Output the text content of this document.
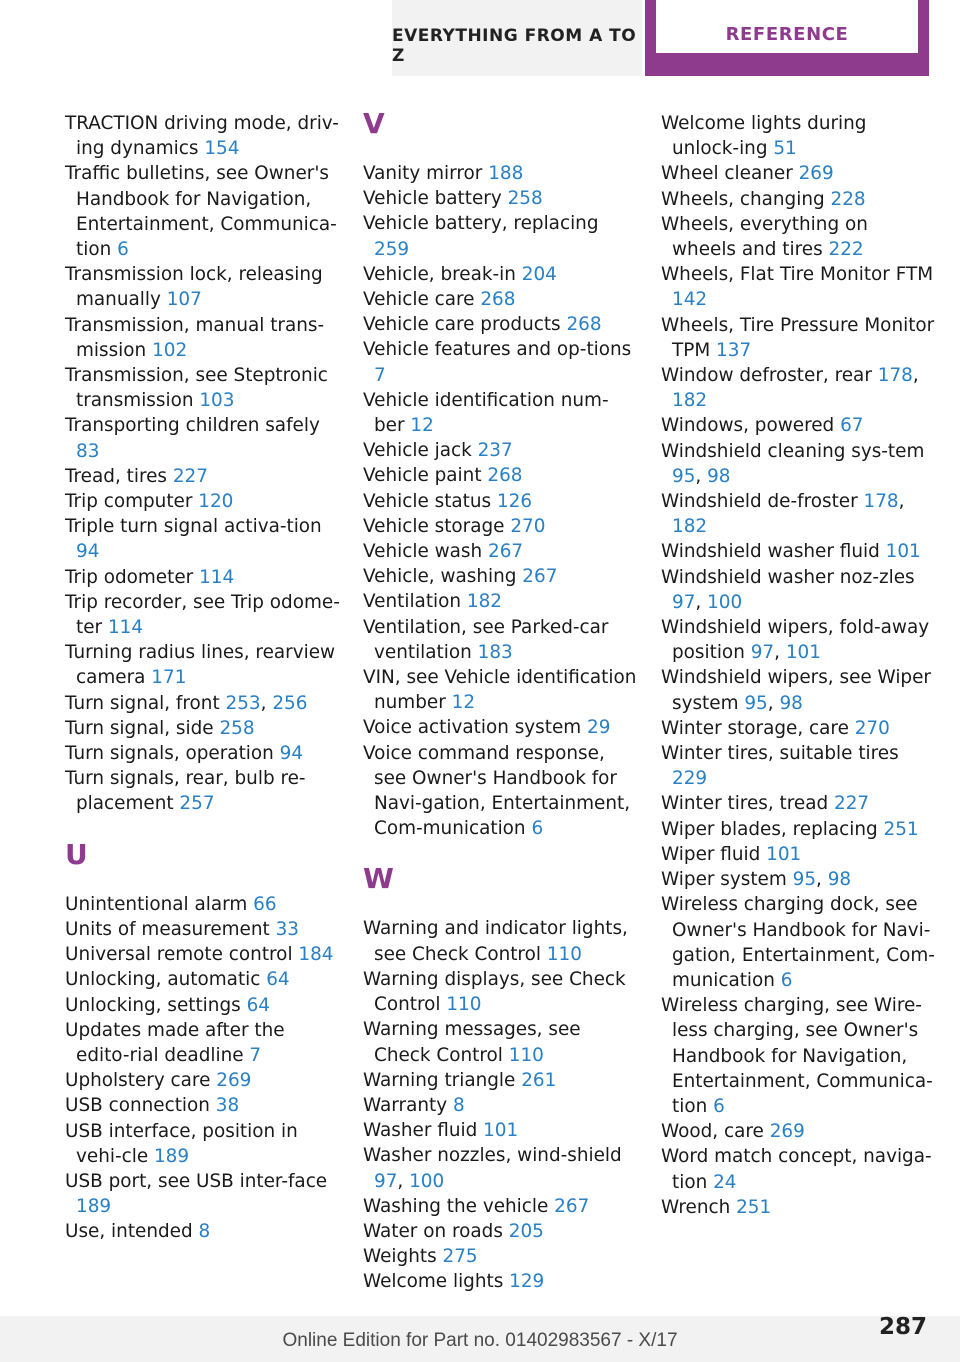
EVERYTHING FROM A TO Z
REFERENCE

TRACTION driving mode, driv-ing dynamics 154

Traffic bulletins, see Owner's Handbook for Navigation, Entertainment, Communica-tion 6

Transmission lock, releasing manually 107

Transmission, manual trans-mission 102

Transmission, see Steptronic transmission 103

Transporting children safely 83

Tread, tires 227

Trip computer 120

Triple turn signal activa-tion 94

Trip odometer 114

Trip recorder, see Trip odome-ter 114

Turning radius lines, rearview camera 171

Turn signal, front 253, 256

Turn signal, side 258

Turn signals, operation 94

Turn signals, rear, bulb re-placement 257

U

Unintentional alarm 66

Units of measurement 33

Universal remote control 184

Unlocking, automatic 64

Unlocking, settings 64

Updates made after the edito-rial deadline 7

Upholstery care 269

USB connection 38

USB interface, position in vehi-cle 189

USB port, see USB inter-face 189

Use, intended 8

V

Vanity mirror 188

Vehicle battery 258

Vehicle battery, replacing 259

Vehicle, break-in 204

Vehicle care 268

Vehicle care products 268

Vehicle features and op-tions 7

Vehicle identification num-ber 12

Vehicle jack 237

Vehicle paint 268

Vehicle status 126

Vehicle storage 270

Vehicle wash 267

Vehicle, washing 267

Ventilation 182

Ventilation, see Parked-car ventilation 183

VIN, see Vehicle identification number 12

Voice activation system 29

Voice command response, see Owner's Handbook for Navi-gation, Entertainment, Com-munication 6

W

Warning and indicator lights, see Check Control 110

Warning displays, see Check Control 110

Warning messages, see Check Control 110

Warning triangle 261

Warranty 8

Washer fluid 101

Washer nozzles, wind-shield 97, 100

Washing the vehicle 267

Water on roads 205

Weights 275

Welcome lights 129

Welcome lights during unlock-ing 51

Wheel cleaner 269

Wheels, changing 228

Wheels, everything on wheels and tires 222

Wheels, Flat Tire Monitor FTM 142

Wheels, Tire Pressure Monitor TPM 137

Window defroster, rear 178, 182

Windows, powered 67

Windshield cleaning sys-tem 95, 98

Windshield de-froster 178, 182

Windshield washer fluid 101

Windshield washer noz-zles 97, 100

Windshield wipers, fold-away position 97, 101

Windshield wipers, see Wiper system 95, 98

Winter storage, care 270

Winter tires, suitable tires 229

Winter tires, tread 227

Wiper blades, replacing 251

Wiper fluid 101

Wiper system 95, 98

Wireless charging dock, see Owner's Handbook for Navi-gation, Entertainment, Com-munication 6

Wireless charging, see Wire-less charging, see Owner's Handbook for Navigation, Entertainment, Communica-tion 6

Wood, care 269

Word match concept, naviga-tion 24

Wrench 251

Online Edition for Part no. 01402983567 - X/17
287
